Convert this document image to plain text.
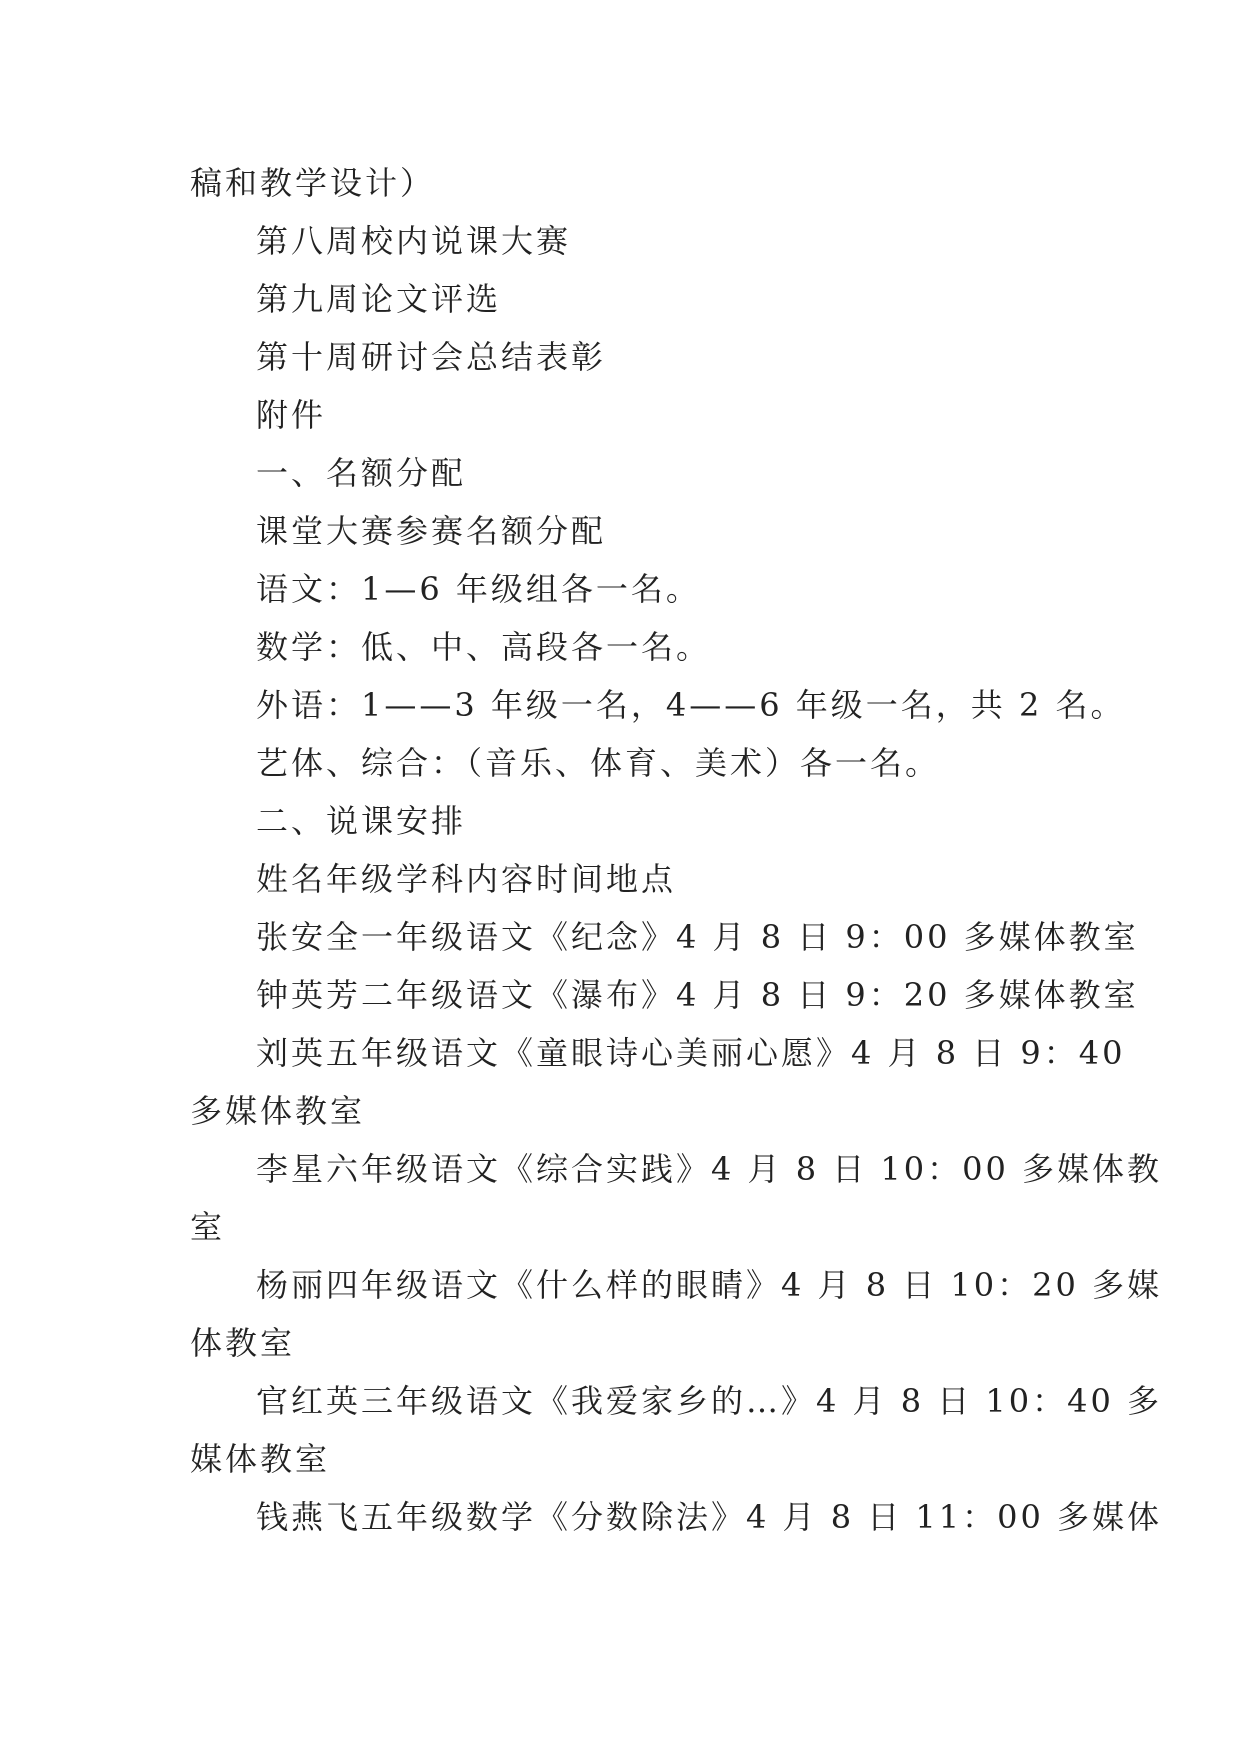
稿和教学设计）
第八周校内说课大赛
第九周论文评选
第十周研讨会总结表彰
附件
一、名额分配
课堂大赛参赛名额分配
语文：1—6 年级组各一名。
数学：低、中、高段各一名。
外语：1——3 年级一名，4——6 年级一名，共 2 名。
艺体、综合：（音乐、体育、美术）各一名。
二、说课安排
姓名年级学科内容时间地点
张安全一年级语文《纪念》4 月 8 日 9：00 多媒体教室
钟英芳二年级语文《瀑布》4 月 8 日 9：20 多媒体教室
刘英五年级语文《童眼诗心美丽心愿》4 月 8 日 9：40
多媒体教室
李星六年级语文《综合实践》4 月 8 日 10：00 多媒体教
室
杨丽四年级语文《什么样的眼睛》4 月 8 日 10：20 多媒
体教室
官红英三年级语文《我爱家乡的…》4 月 8 日 10：40 多
媒体教室
钱燕飞五年级数学《分数除法》4 月 8 日 11：00 多媒体
